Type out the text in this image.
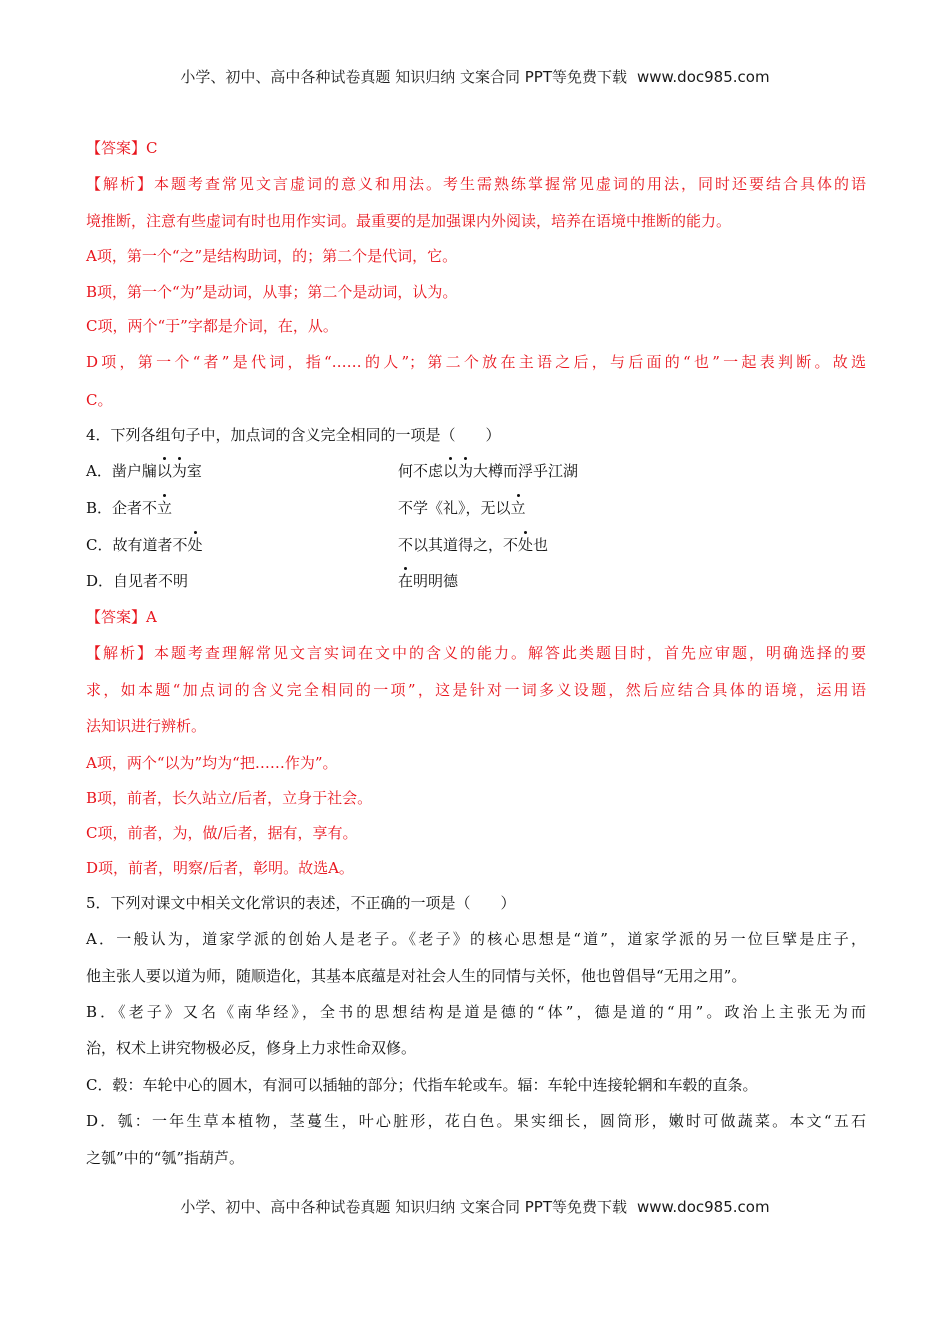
小学、初中、高中各种试卷真题 知识归纳 文案合同 PPT等免费下载 www.doc985.com
【答案】C
【解析】本题考查常见文言虚词的意义和用法。考生需熟练掌握常见虚词的用法，同时还要结合具体的语
境推断，注意有些虚词有时也用作实词。最重要的是加强课内外阅读，培养在语境中推断的能力。
A项，第一个“之”是结构助词，的；第二个是代词，它。
B项，第一个“为”是动词，从事；第二个是动词，认为。
C项，两个“于”字都是介词，在，从。
D项，第一个“者”是代词，指“……的人”；第二个放在主语之后，与后面的“也”一起表判断。故选
C。
4．下列各组句子中，加点词的含义完全相同的一项是（　　）
A．凿户牖以为室	何不虑以为大樽而浮乎江湖
B．企者不立	不学《礼》，无以立
C．故有道者不处	不以其道得之，不处也
D．自见者不明	在明明德
【答案】A
【解析】本题考查理解常见文言实词在文中的含义的能力。解答此类题目时，首先应审题，明确选择的要
求，如本题“加点词的含义完全相同的一项”，这是针对一词多义设题，然后应结合具体的语境，运用语
法知识进行辨析。
A项，两个“以为”均为“把……作为”。
B项，前者，长久站立/后者，立身于社会。
C项，前者，为，做/后者，据有，享有。
D项，前者，明察/后者，彰明。故选A。
5．下列对课文中相关文化常识的表述，不正确的一项是（　　）
A．一般认为，道家学派的创始人是老子。《老子》的核心思想是“道”，道家学派的另一位巨擘是庄子，
他主张人要以道为师，随顺造化，其基本底蕴是对社会人生的同情与关怀，他也曾倡导“无用之用”。
B．《老子》又名《南华经》，全书的思想结构是道是德的“体”，德是道的“用”。政治上主张无为而
治，权术上讲究物极必反，修身上力求性命双修。
C．毂：车轮中心的圆木，有洞可以插轴的部分；代指车轮或车。辐：车轮中连接轮辋和车毂的直条。
D．瓠：一年生草本植物，茎蔓生，叶心脏形，花白色。果实细长，圆筒形，嫩时可做蔬菜。本文“五石
之瓠”中的“瓠”指葫芦。
小学、初中、高中各种试卷真题 知识归纳 文案合同 PPT等免费下载 www.doc985.com
